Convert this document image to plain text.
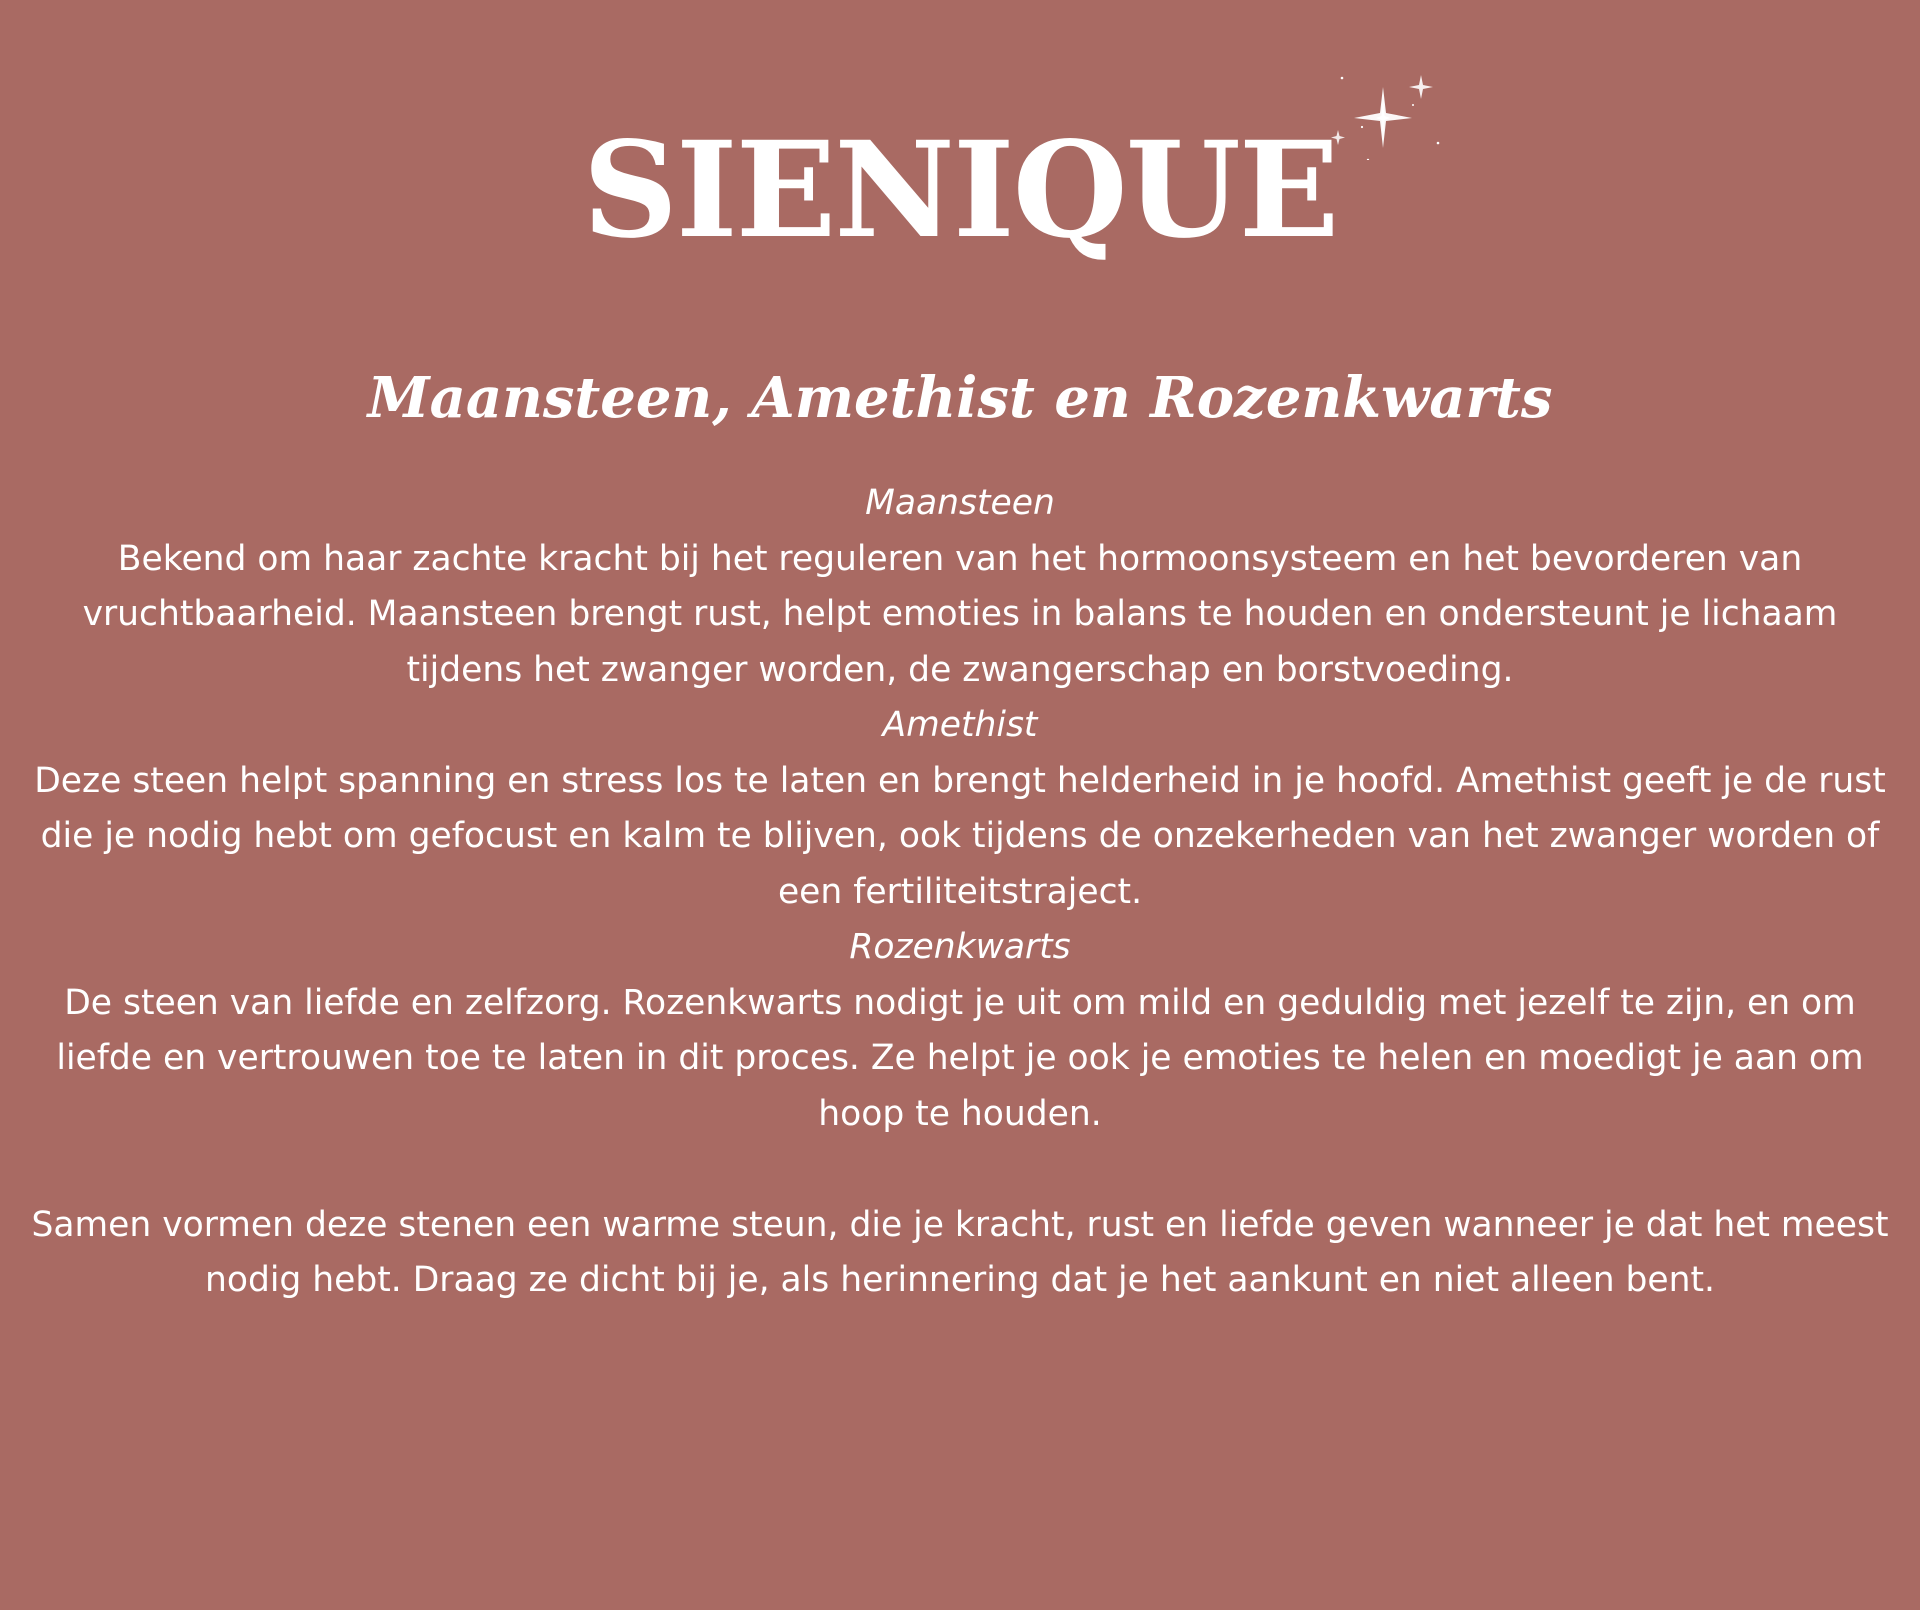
SIENIQUE
Maansteen, Amethist en Rozenkwarts
Maansteen

Bekend om haar zachte kracht bij het reguleren van het hormoonsysteem en het bevorderen van vruchtbaarheid. Maansteen brengt rust, helpt emoties in balans te houden en ondersteunt je lichaam tijdens het zwanger worden, de zwangerschap en borstvoeding.

Amethist

Deze steen helpt spanning en stress los te laten en brengt helderheid in je hoofd. Amethist geeft je de rust die je nodig hebt om gefocust en kalm te blijven, ook tijdens de onzekerheden van het zwanger worden of een fertiliteitstraject.

Rozenkwarts

De steen van liefde en zelfzorg. Rozenkwarts nodigt je uit om mild en geduldig met jezelf te zijn, en om liefde en vertrouwen toe te laten in dit proces. Ze helpt je ook je emoties te helen en moedigt je aan om hoop te houden.

Samen vormen deze stenen een warme steun, die je kracht, rust en liefde geven wanneer je dat het meest nodig hebt. Draag ze dicht bij je, als herinnering dat je het aankunt en niet alleen bent.
